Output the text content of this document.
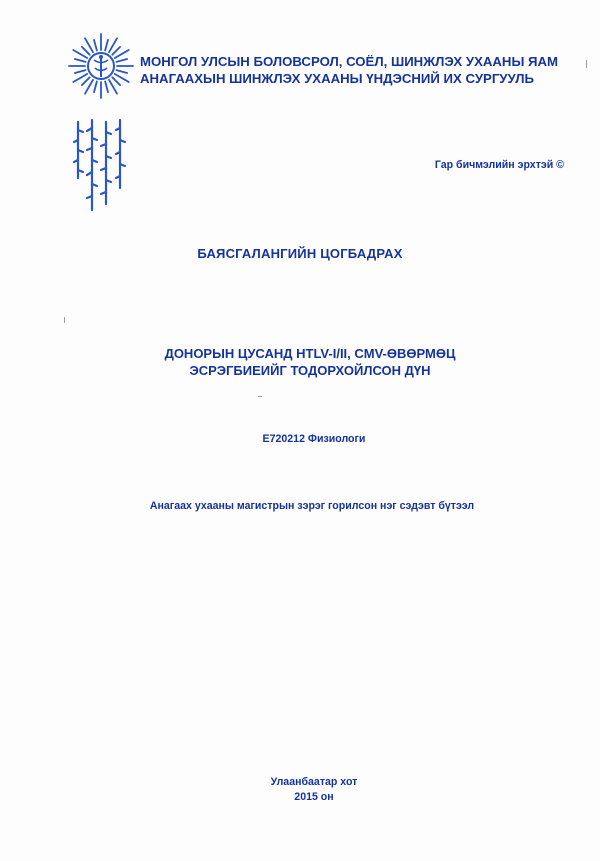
МОНГОЛ УЛСЫН БОЛОВСРОЛ, СОЁЛ, ШИНЖЛЭХ УХААНЫ ЯАМ
АНАГААХЫН ШИНЖЛЭХ УХААНЫ ҮНДЭСНИЙ ИХ СУРГУУЛЬ
Гар бичмэлийн эрхтэй ©
БАЯСГАЛАНГИЙН ЦОГБАДРАХ
ДОНОРЫН ЦУСАНД HTLV-I/II, CMV-ӨВӨРМӨЦ
ЭСРЭГБИЕИЙГ ТОДОРХОЙЛСОН ДҮН
E720212 Физиологи
Анагаах ухааны магистрын зэрэг горилсон нэг сэдэвт бүтээл
Улаанбаатар хот
2015 он
